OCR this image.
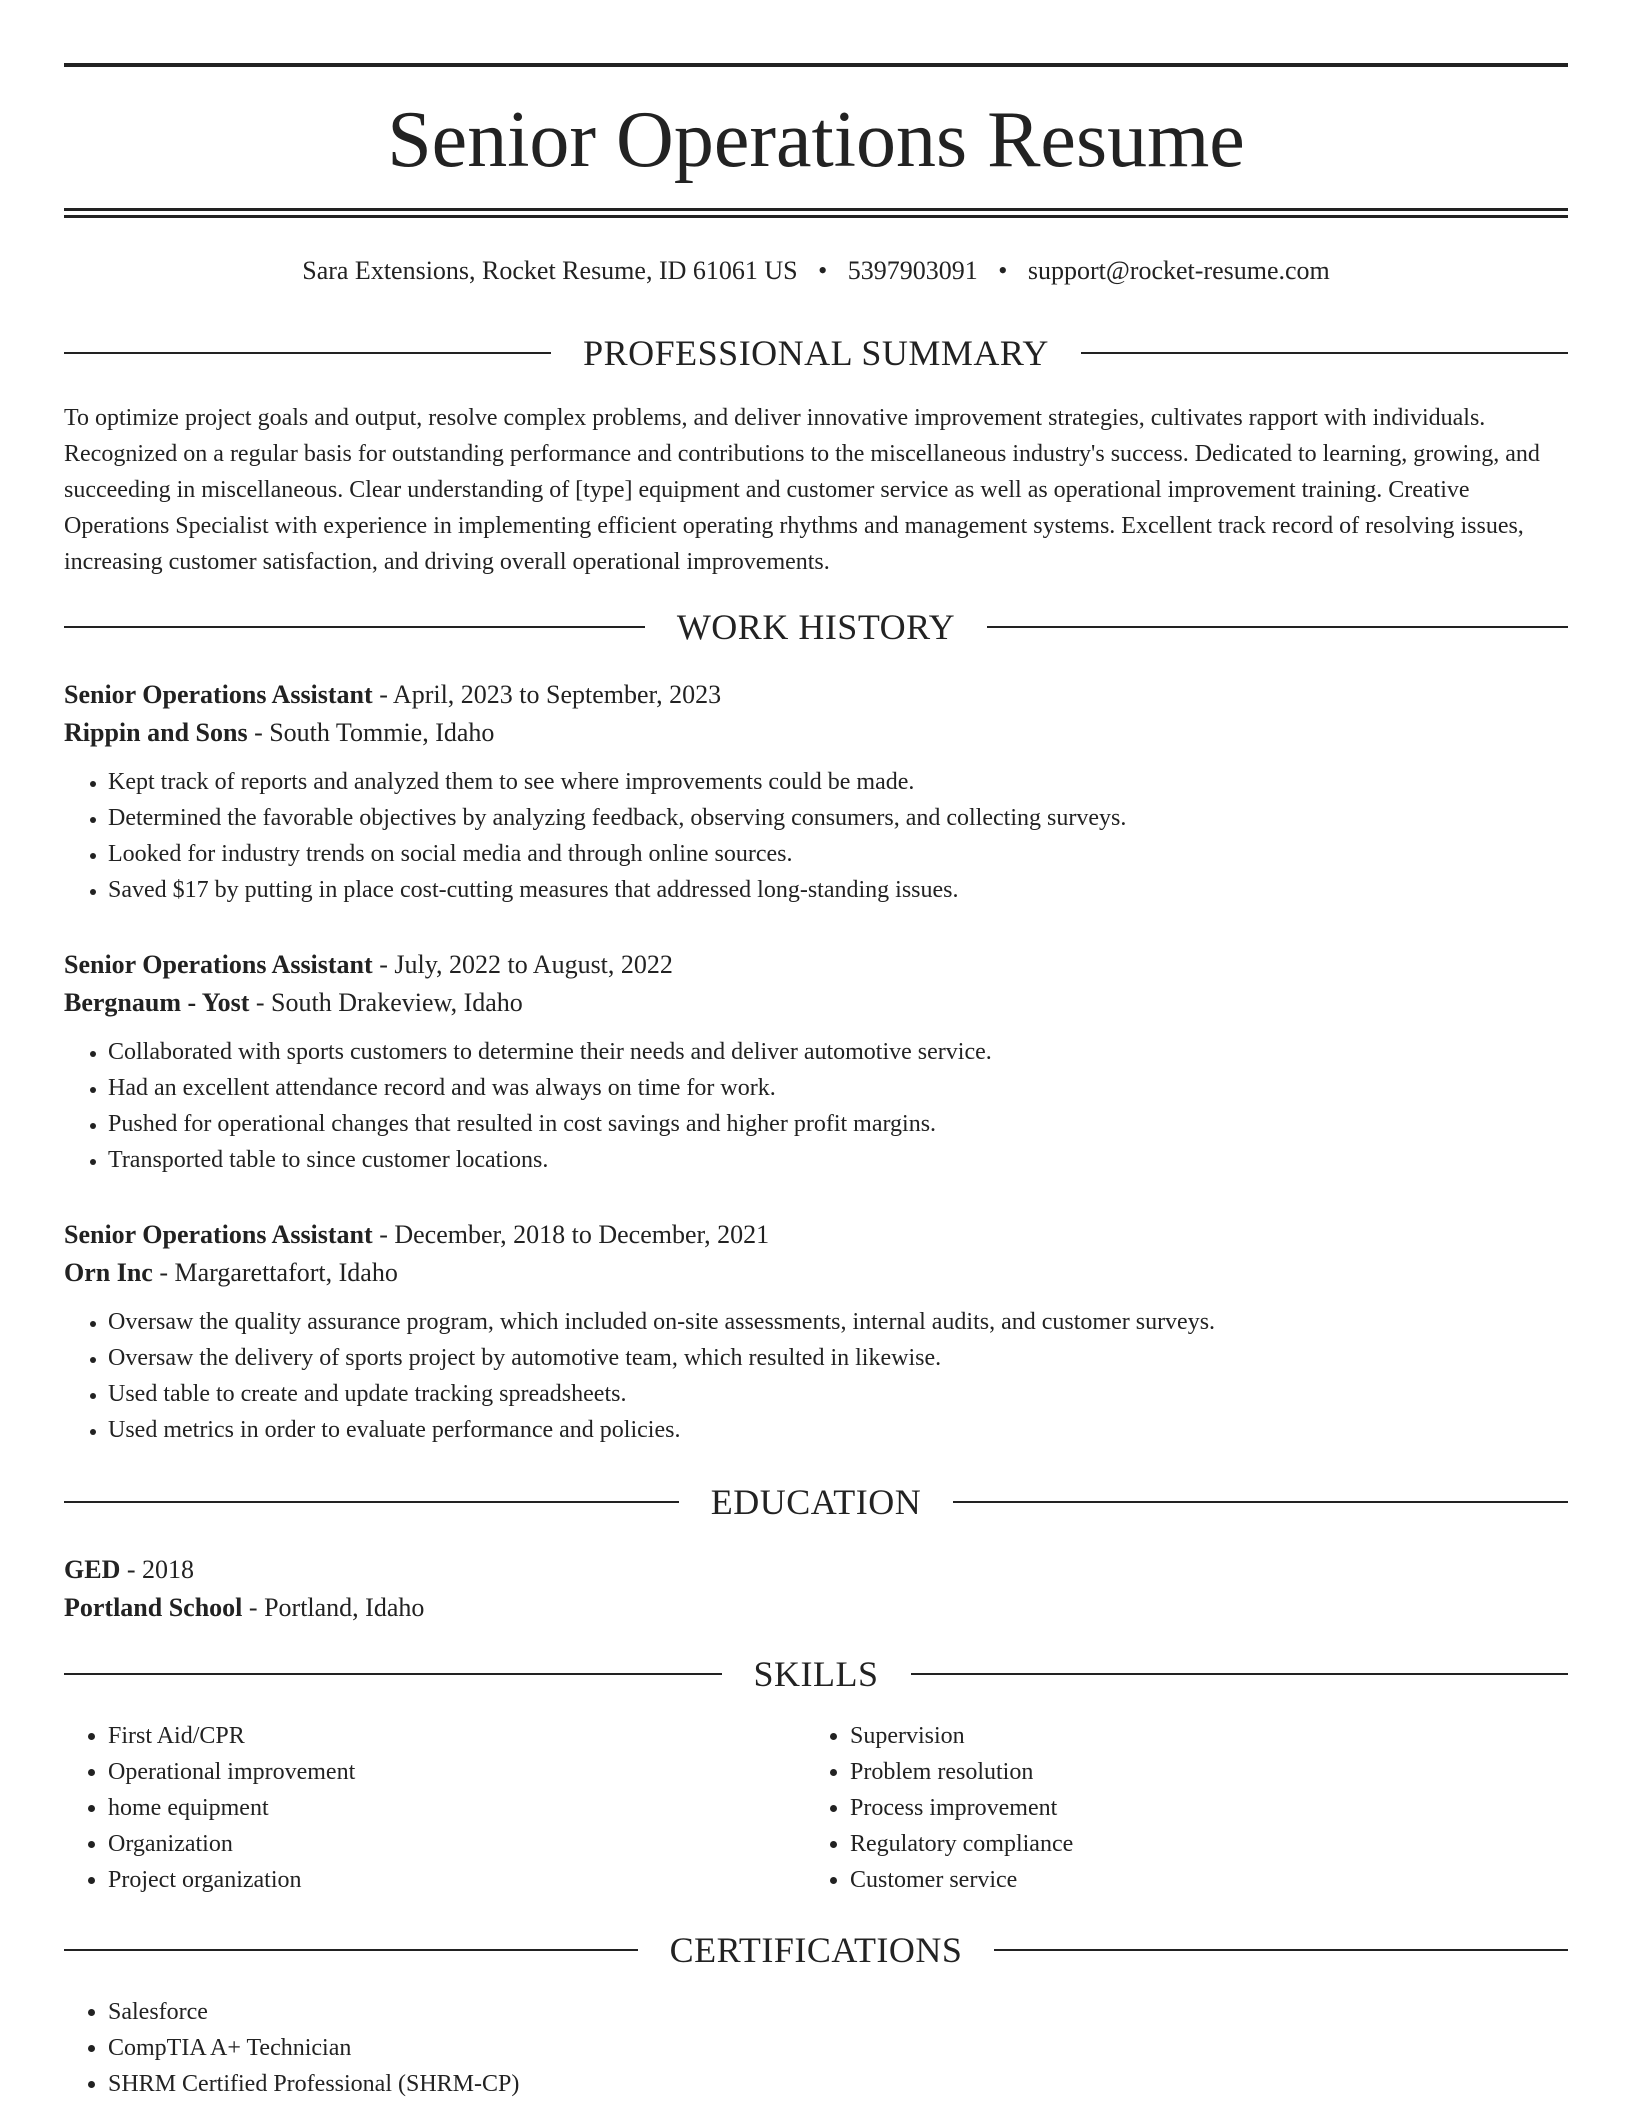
Senior Operations Resume
Sara Extensions, Rocket Resume, ID 61061 US • 5397903091 • support@rocket-resume.com
PROFESSIONAL SUMMARY

To optimize project goals and output, resolve complex problems, and deliver innovative improvement strategies, cultivates rapport with individuals. Recognized on a regular basis for outstanding performance and contributions to the miscellaneous industry's success. Dedicated to learning, growing, and succeeding in miscellaneous. Clear understanding of [type] equipment and customer service as well as operational improvement training. Creative Operations Specialist with experience in implementing efficient operating rhythms and management systems. Excellent track record of resolving issues, increasing customer satisfaction, and driving overall operational improvements.

WORK HISTORY
Senior Operations Assistant - April, 2023 to September, 2023
Rippin and Sons - South Tommie, Idaho
• Kept track of reports and analyzed them to see where improvements could be made.
• Determined the favorable objectives by analyzing feedback, observing consumers, and collecting surveys.
• Looked for industry trends on social media and through online sources.
• Saved $17 by putting in place cost-cutting measures that addressed long-standing issues.
Senior Operations Assistant - July, 2022 to August, 2022
Bergnaum - Yost - South Drakeview, Idaho
• Collaborated with sports customers to determine their needs and deliver automotive service.
• Had an excellent attendance record and was always on time for work.
• Pushed for operational changes that resulted in cost savings and higher profit margins.
• Transported table to since customer locations.
Senior Operations Assistant - December, 2018 to December, 2021
Orn Inc - Margarettafort, Idaho
• Oversaw the quality assurance program, which included on-site assessments, internal audits, and customer surveys.
• Oversaw the delivery of sports project by automotive team, which resulted in likewise.
• Used table to create and update tracking spreadsheets.
• Used metrics in order to evaluate performance and policies.
EDUCATION
GED - 2018
Portland School - Portland, Idaho
SKILLS
• First Aid/CPR
• Operational improvement
• home equipment
• Organization
• Project organization
• Supervision
• Problem resolution
• Process improvement
• Regulatory compliance
• Customer service
CERTIFICATIONS
• Salesforce
• CompTIA A+ Technician
• SHRM Certified Professional (SHRM-CP)
